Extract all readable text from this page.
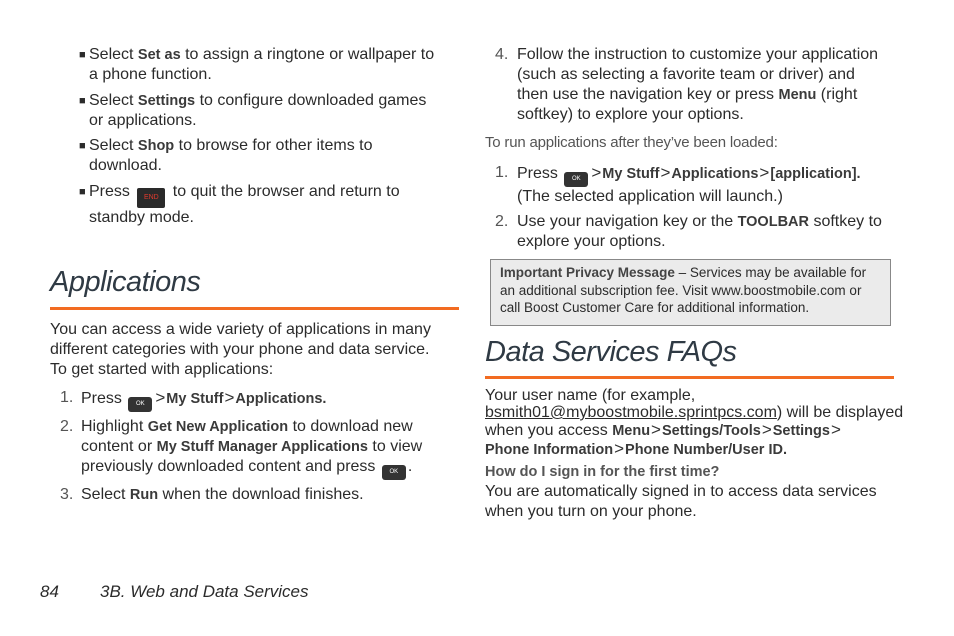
■ Select Set as to assign a ringtone or wallpaper to
a phone function.
■ Select Settings to configure downloaded games
or applications.
■ Select Shop to browse for other items to
download.
■ Press END to quit the browser and return to
standby mode.
Applications
You can access a wide variety of applications in many
different categories with your phone and data service.
To get started with applications:
1. Press OK >My Stuff>Applications.
2. Highlight Get New Application to download new
content or My Stuff Manager Applications to view
previously downloaded content and press OK .
3. Select Run when the download finishes.
4. Follow the instruction to customize your application
(such as selecting a favorite team or driver) and
then use the navigation key or press Menu (right
softkey) to explore your options.
To run applications after they’ve been loaded:
1. Press OK >My Stuff>Applications>[application].
(The selected application will launch.)
2. Use your navigation key or the TOOLBAR softkey to
explore your options.
Important Privacy Message – Services may be available for
an additional subscription fee. Visit www.boostmobile.com or
call Boost Customer Care for additional information.
Data Services FAQs
Your user name (for example,
bsmith01@myboostmobile.sprintpcs.com) will be displayed
when you access Menu>Settings/Tools>Settings>
Phone Information>Phone Number/User ID.
How do I sign in for the first time?
You are automatically signed in to access data services
when you turn on your phone.
84 3B. Web and Data Services
